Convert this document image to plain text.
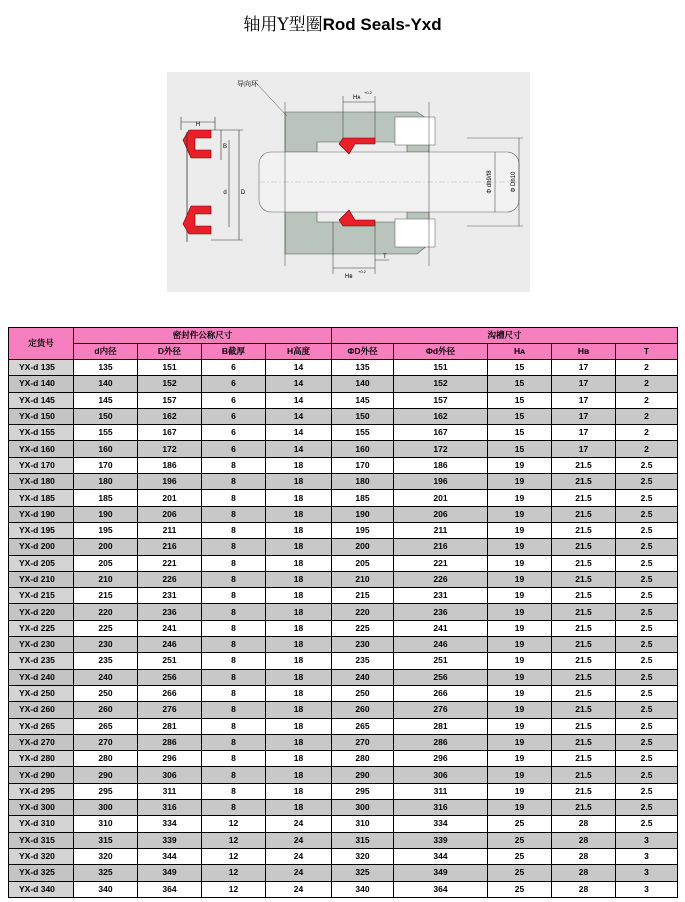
轴用Y型圈Rod Seals-Yxd
H
B
d D
导向环
Hᴀ
+0.2
Hʙ
+0.2
T
Φ dh9/f8	Φ Dh10
定货号	密封件公称尺寸				沟槽尺寸				
	d内径	D外径	B截厚	H高度	ΦD外径	Φd外径	Hᴀ	Hʙ	T
YX-d 135	135	151	6	14	135	151	15	17	2
YX-d 140	140	152	6	14	140	152	15	17	2
YX-d 145	145	157	6	14	145	157	15	17	2
YX-d 150	150	162	6	14	150	162	15	17	2
YX-d 155	155	167	6	14	155	167	15	17	2
YX-d 160	160	172	6	14	160	172	15	17	2
YX-d 170	170	186	8	18	170	186	19	21.5	2.5
YX-d 180	180	196	8	18	180	196	19	21.5	2.5
YX-d 185	185	201	8	18	185	201	19	21.5	2.5
YX-d 190	190	206	8	18	190	206	19	21.5	2.5
YX-d 195	195	211	8	18	195	211	19	21.5	2.5
YX-d 200	200	216	8	18	200	216	19	21.5	2.5
YX-d 205	205	221	8	18	205	221	19	21.5	2.5
YX-d 210	210	226	8	18	210	226	19	21.5	2.5
YX-d 215	215	231	8	18	215	231	19	21.5	2.5
YX-d 220	220	236	8	18	220	236	19	21.5	2.5
YX-d 225	225	241	8	18	225	241	19	21.5	2.5
YX-d 230	230	246	8	18	230	246	19	21.5	2.5
YX-d 235	235	251	8	18	235	251	19	21.5	2.5
YX-d 240	240	256	8	18	240	256	19	21.5	2.5
YX-d 250	250	266	8	18	250	266	19	21.5	2.5
YX-d 260	260	276	8	18	260	276	19	21.5	2.5
YX-d 265	265	281	8	18	265	281	19	21.5	2.5
YX-d 270	270	286	8	18	270	286	19	21.5	2.5
YX-d 280	280	296	8	18	280	296	19	21.5	2.5
YX-d 290	290	306	8	18	290	306	19	21.5	2.5
YX-d 295	295	311	8	18	295	311	19	21.5	2.5
YX-d 300	300	316	8	18	300	316	19	21.5	2.5
YX-d 310	310	334	12	24	310	334	25	28	2.5
YX-d 315	315	339	12	24	315	339	25	28	3
YX-d 320	320	344	12	24	320	344	25	28	3
YX-d 325	325	349	12	24	325	349	25	28	3
YX-d 340	340	364	12	24	340	364	25	28	3
